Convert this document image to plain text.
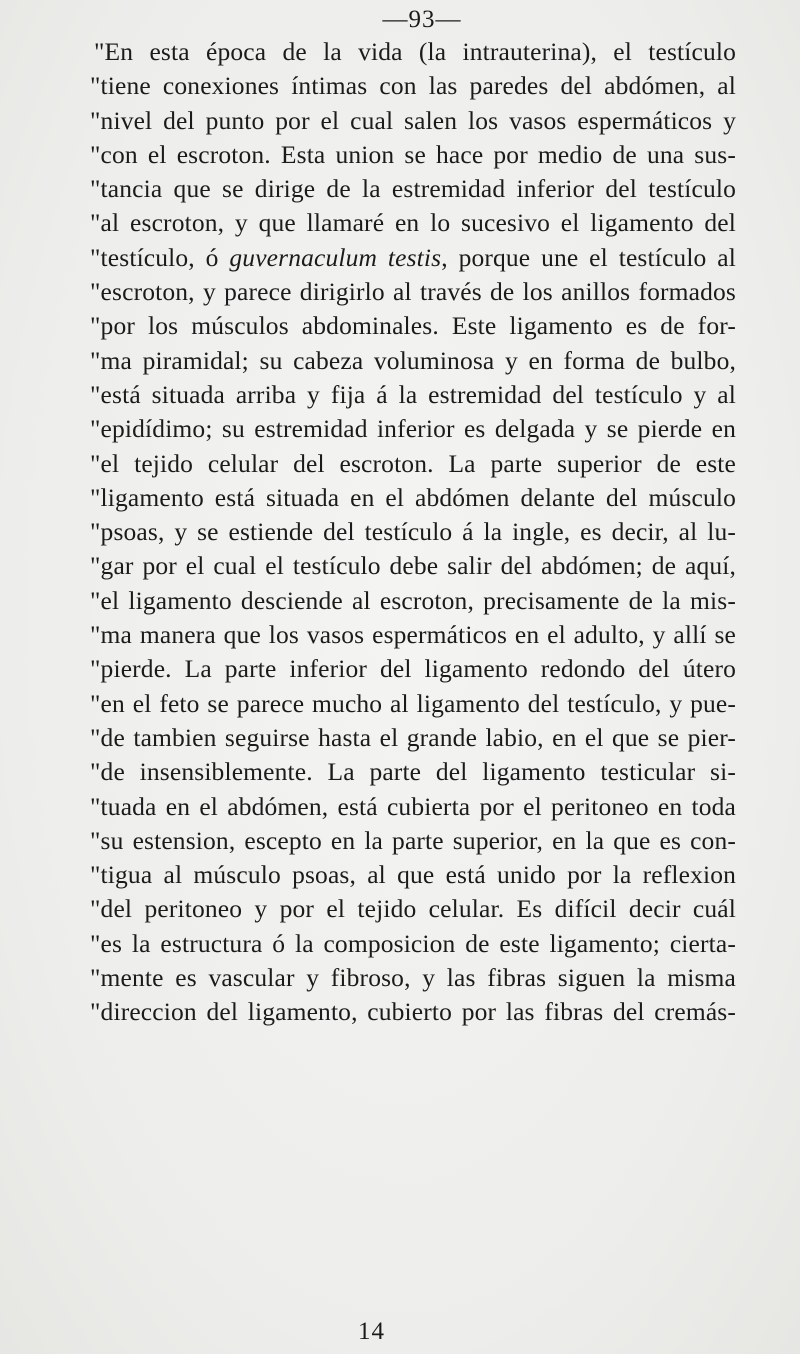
—93—
"En esta época de la vida (la intrauterina), el testículo
"tiene conexiones íntimas con las paredes del abdómen, al
"nivel del punto por el cual salen los vasos espermáticos y
"con el escroton. Esta union se hace por medio de una sus-
"tancia que se dirige de la estremidad inferior del testículo
"al escroton, y que llamaré en lo sucesivo el ligamento del
"testículo, ó guvernaculum testis, porque une el testículo al
"escroton, y parece dirigirlo al través de los anillos formados
"por los músculos abdominales. Este ligamento es de for-
"ma piramidal; su cabeza voluminosa y en forma de bulbo,
"está situada arriba y fija á la estremidad del testículo y al
"epidídimo; su estremidad inferior es delgada y se pierde en
"el tejido celular del escroton. La parte superior de este
"ligamento está situada en el abdómen delante del músculo
"psoas, y se estiende del testículo á la ingle, es decir, al lu-
"gar por el cual el testículo debe salir del abdómen; de aquí,
"el ligamento desciende al escroton, precisamente de la mis-
"ma manera que los vasos espermáticos en el adulto, y allí se
"pierde. La parte inferior del ligamento redondo del útero
"en el feto se parece mucho al ligamento del testículo, y pue-
"de tambien seguirse hasta el grande labio, en el que se pier-
"de insensiblemente. La parte del ligamento testicular si-
"tuada en el abdómen, está cubierta por el peritoneo en toda
"su estension, escepto en la parte superior, en la que es con-
"tigua al músculo psoas, al que está unido por la reflexion
"del peritoneo y por el tejido celular. Es difícil decir cuál
"es la estructura ó la composicion de este ligamento; cierta-
"mente es vascular y fibroso, y las fibras siguen la misma
"direccion del ligamento, cubierto por las fibras del cremás-
14
